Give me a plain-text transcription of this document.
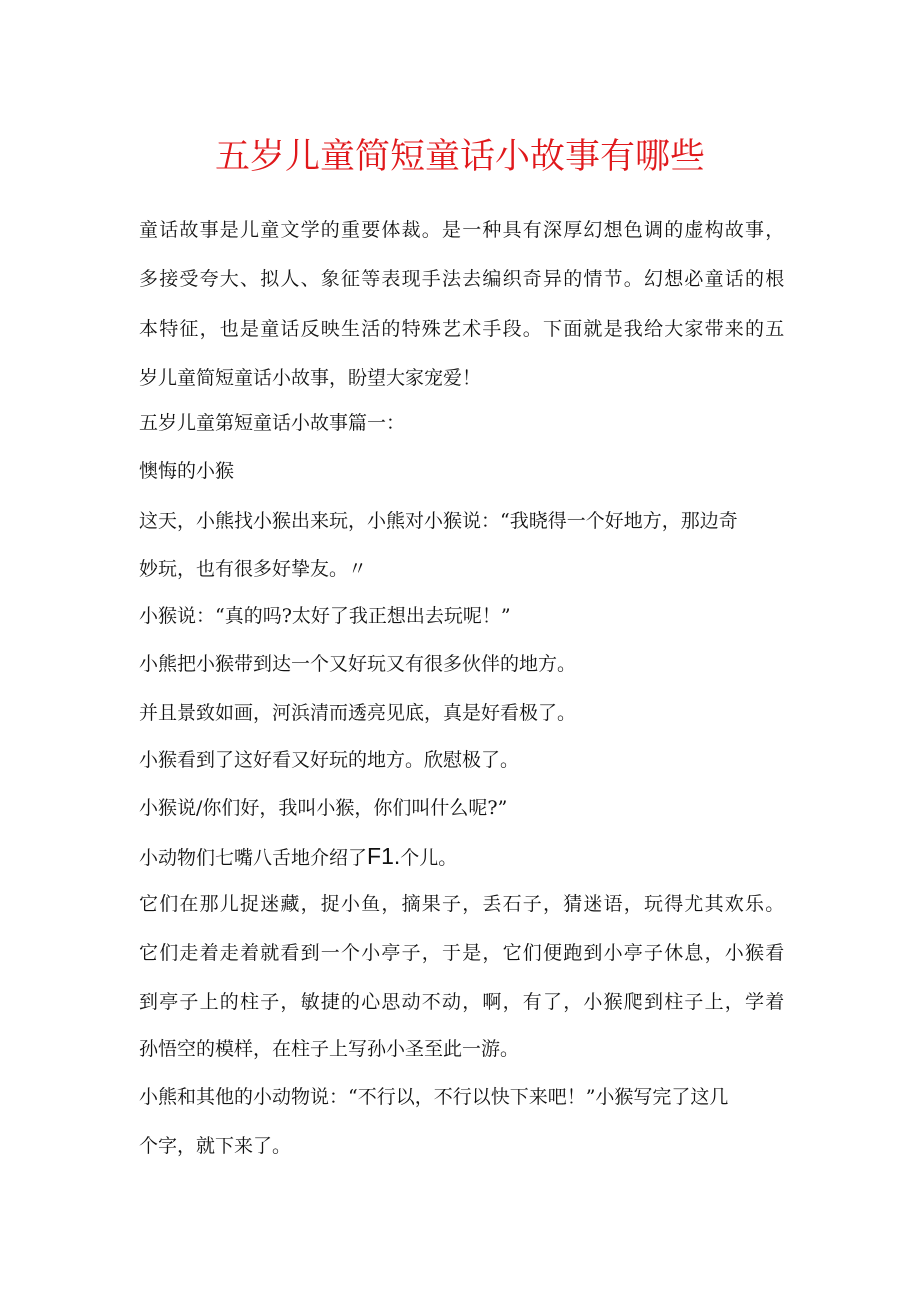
五岁儿童简短童话小故事有哪些
童话故事是儿童文学的重要体裁。是一种具有深厚幻想色调的虚构故事，
多接受夸大、拟人、象征等表现手法去编织奇异的情节。幻想必童话的根
本特征，也是童话反映生活的特殊艺术手段。下面就是我给大家带来的五
岁儿童简短童话小故事，盼望大家宠爱！
五岁儿童第短童话小故事篇一：
懊悔的小猴
这天，小熊找小猴出来玩，小熊对小猴说：“我晓得一个好地方，那边奇
妙玩，也有很多好挚友。〃
小猴说：“真的吗?太好了我正想出去玩呢！”
小熊把小猴带到达一个又好玩又有很多伙伴的地方。
并且景致如画，河浜清而透亮见底，真是好看极了。
小猴看到了这好看又好玩的地方。欣慰极了。
小猴说/你们好，我叫小猴，你们叫什么呢?”
小动物们七嘴八舌地介绍了F1.个儿。
它们在那儿捉迷藏，捉小鱼，摘果子，丢石子，猜迷语，玩得尤其欢乐。
它们走着走着就看到一个小亭子，于是，它们便跑到小亭子休息，小猴看
到亭子上的柱子，敏捷的心思动不动，啊，有了，小猴爬到柱子上，学着
孙悟空的模样，在柱子上写孙小圣至此一游。
小熊和其他的小动物说：“不行以，不行以快下来吧！”小猴写完了这几
个字，就下来了。
